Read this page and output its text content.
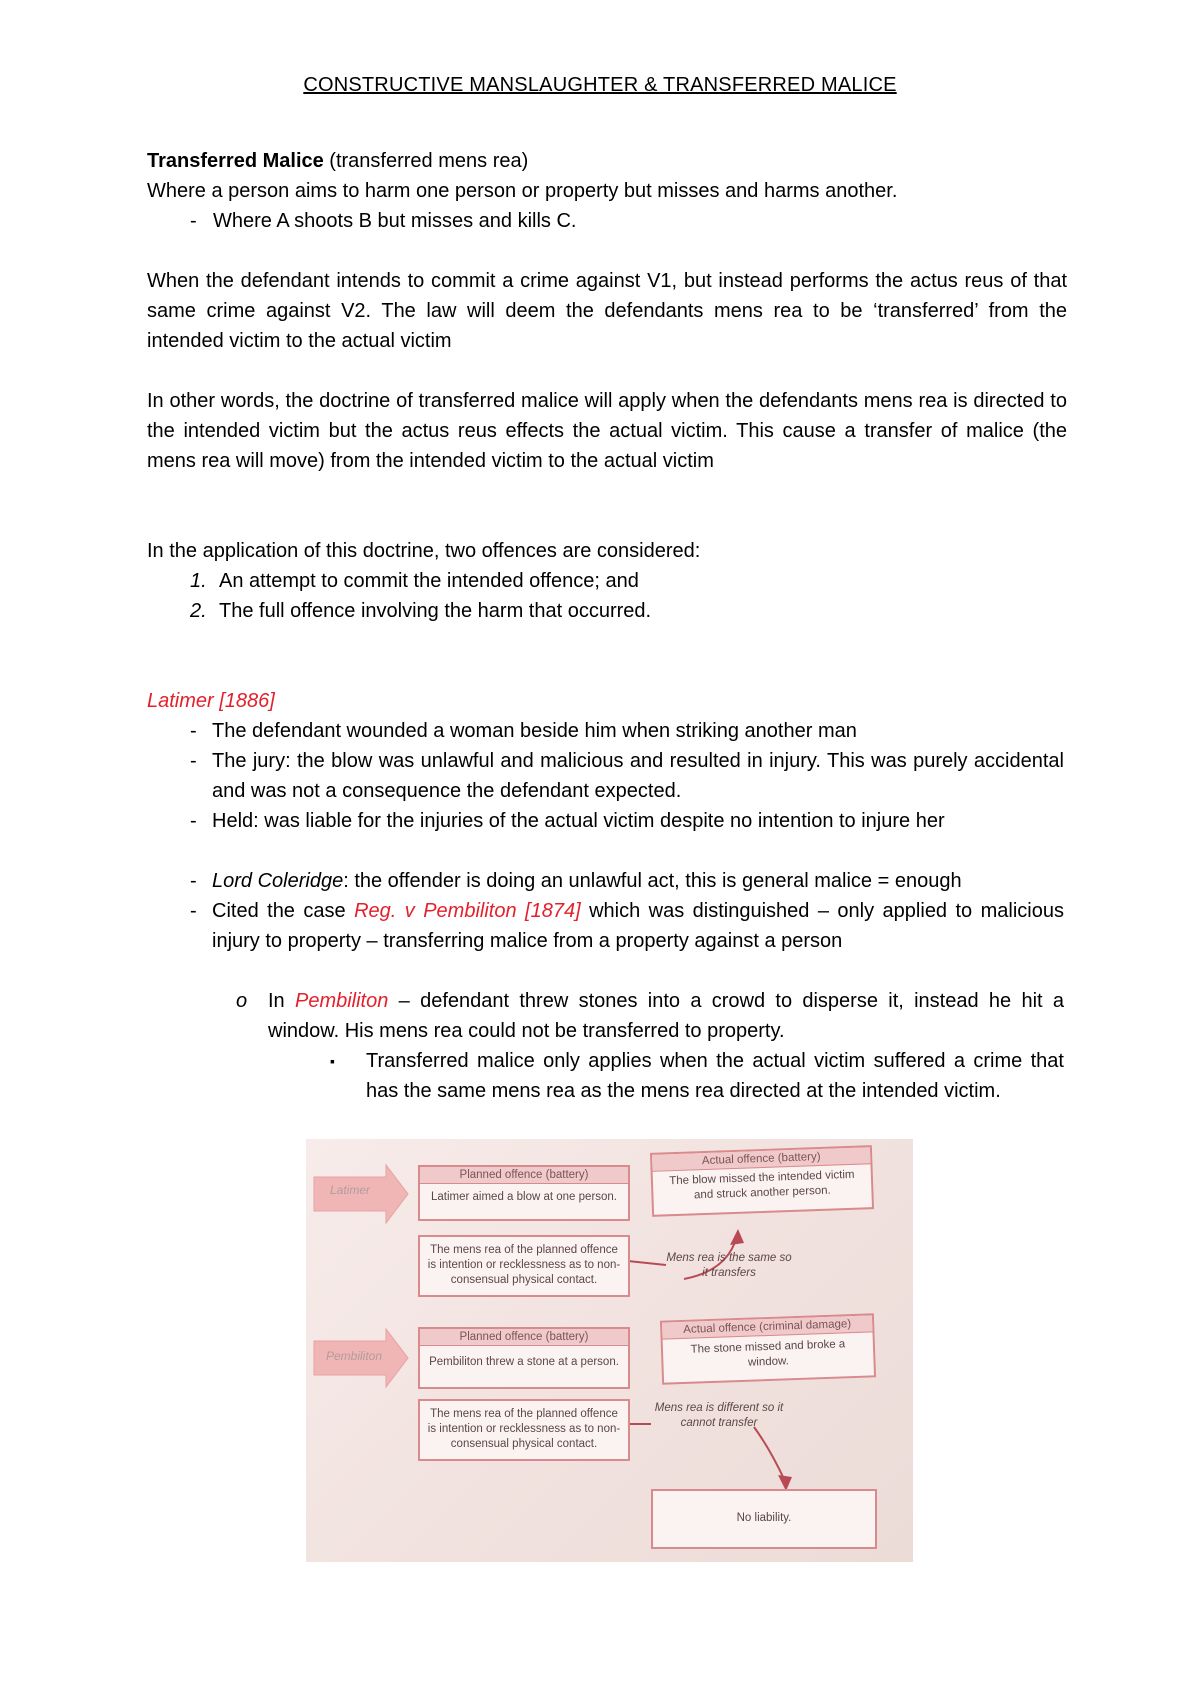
CONSTRUCTIVE MANSLAUGHTER & TRANSFERRED MALICE
Transferred Malice (transferred mens rea)
Where a person aims to harm one person or property but misses and harms another.
- Where A shoots B but misses and kills C.
When the defendant intends to commit a crime against V1, but instead performs the actus reus of that same crime against V2. The law will deem the defendants mens rea to be ‘transferred’ from the intended victim to the actual victim
In other words, the doctrine of transferred malice will apply when the defendants mens rea is directed to the intended victim but the actus reus effects the actual victim. This cause a transfer of malice (the mens rea will move) from the intended victim to the actual victim
In the application of this doctrine, two offences are considered:
1. An attempt to commit the intended offence; and
2. The full offence involving the harm that occurred.
Latimer [1886]
- The defendant wounded a woman beside him when striking another man
- The jury: the blow was unlawful and malicious and resulted in injury. This was purely accidental and was not a consequence the defendant expected.
- Held: was liable for the injuries of the actual victim despite no intention to injure her
- Lord Coleridge: the offender is doing an unlawful act, this is general malice = enough
- Cited the case Reg. v Pembiliton [1874] which was distinguished – only applied to malicious injury to property – transferring malice from a property against a person
o In Pembiliton – defendant threw stones into a crowd to disperse it, instead he hit a window. His mens rea could not be transferred to property.
▪ Transferred malice only applies when the actual victim suffered a crime that has the same mens rea as the mens rea directed at the intended victim.
Latimer
Pembiliton
Planned offence (battery)
Latimer aimed a blow at one person.
Actual offence (battery)
The blow missed the intended victim and struck another person.
The mens rea of the planned offence is intention or recklessness as to non-consensual physical contact.
Mens rea is the same so it transfers
Planned offence (battery)
Pembiliton threw a stone at a person.
Actual offence (criminal damage)
The stone missed and broke a window.
The mens rea of the planned offence is intention or recklessness as to non-consensual physical contact.
Mens rea is different so it cannot transfer
No liability.
